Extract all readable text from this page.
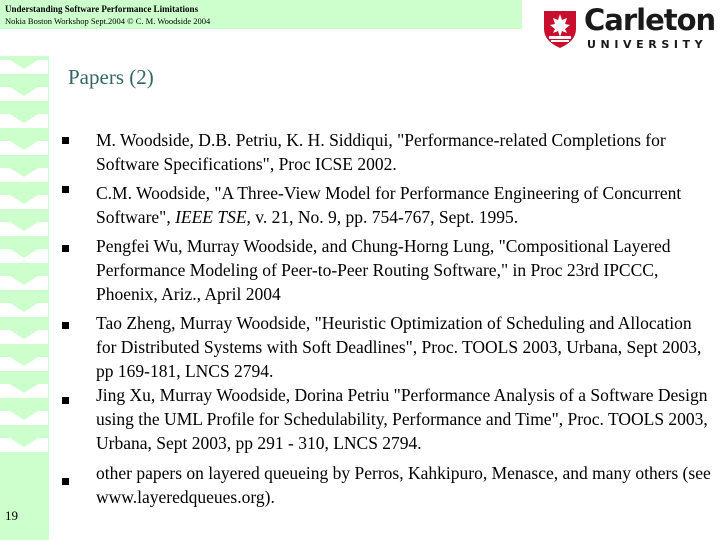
Understanding Software Performance Limitations
Nokia Boston Workshop Sept.2004 © C. M. Woodside 2004	Carleton
UNIVERSITY
Papers (2)
M. Woodside, D.B. Petriu, K. H. Siddiqui, "Performance-related Completions for Software Specifications", Proc ICSE 2002.
C.M. Woodside, "A Three-View Model for Performance Engineering of Concurrent Software", IEEE TSE, v. 21, No. 9, pp. 754-767, Sept. 1995.
Pengfei Wu, Murray Woodside, and Chung-Horng Lung, "Compositional Layered Performance Modeling of Peer-to-Peer Routing Software," in Proc 23rd IPCCC, Phoenix, Ariz., April 2004
Tao Zheng, Murray Woodside, "Heuristic Optimization of Scheduling and Allocation for Distributed Systems with Soft Deadlines", Proc. TOOLS 2003, Urbana, Sept 2003, pp 169-181, LNCS 2794.
Jing Xu, Murray Woodside, Dorina Petriu "Performance Analysis of a Software Design using the UML Profile for Schedulability, Performance and Time", Proc. TOOLS 2003, Urbana, Sept 2003, pp 291 - 310, LNCS 2794.
other papers on layered queueing by Perros, Kahkipuro, Menasce, and many others (see www.layeredqueues.org).
19
